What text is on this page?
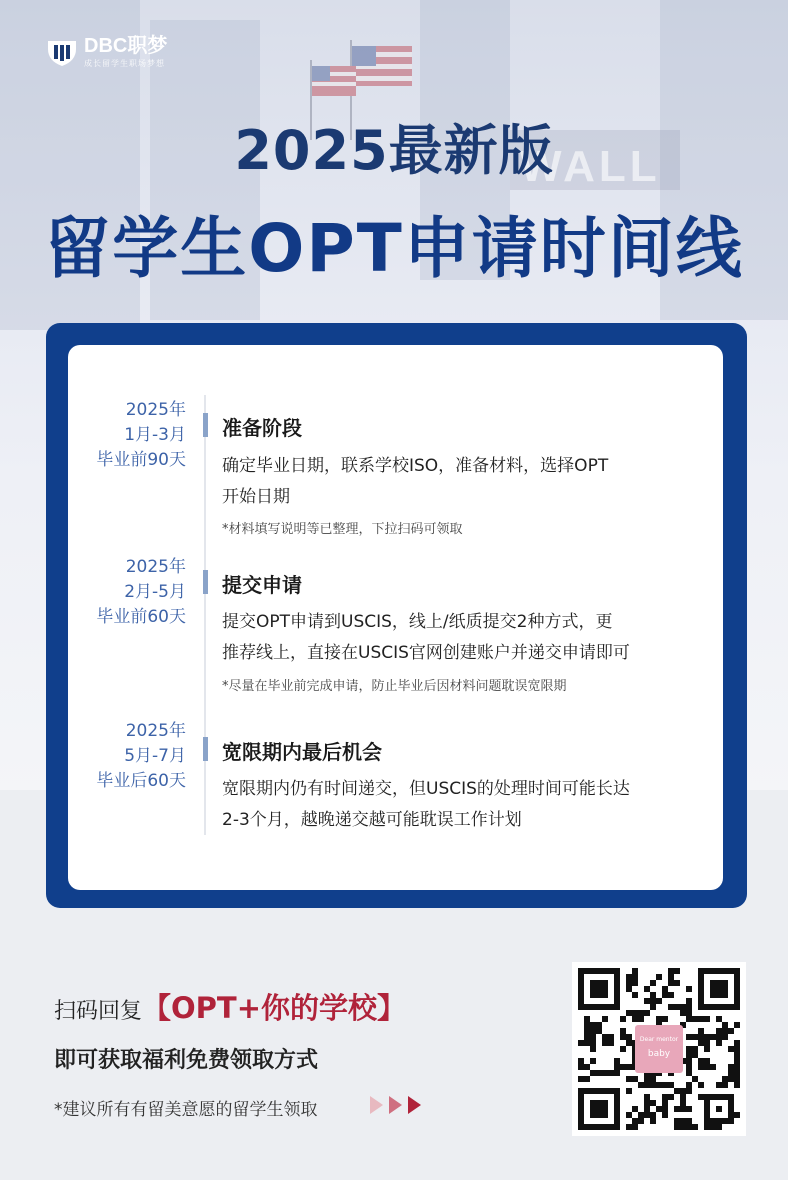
WALL
DBC职梦
成长留学生职场梦想
2025最新版
留学生OPT申请时间线
2025年
1月-3月
毕业前90天
准备阶段
确定毕业日期，联系学校ISO，准备材料，选择OPT
开始日期
*材料填写说明等已整理，下拉扫码可领取
2025年
2月-5月
毕业前60天
提交申请
提交OPT申请到USCIS，线上/纸质提交2种方式，更
推荐线上，直接在USCIS官网创建账户并递交申请即可
*尽量在毕业前完成申请，防止毕业后因材料问题耽误宽限期
2025年
5月-7月
毕业后60天
宽限期内最后机会
宽限期内仍有时间递交，但USCIS的处理时间可能长达
2-3个月，越晚递交越可能耽误工作计划
扫码回复【OPT+你的学校】
即可获取福利免费领取方式
*建议所有有留美意愿的留学生领取
Dear mentor
baby
